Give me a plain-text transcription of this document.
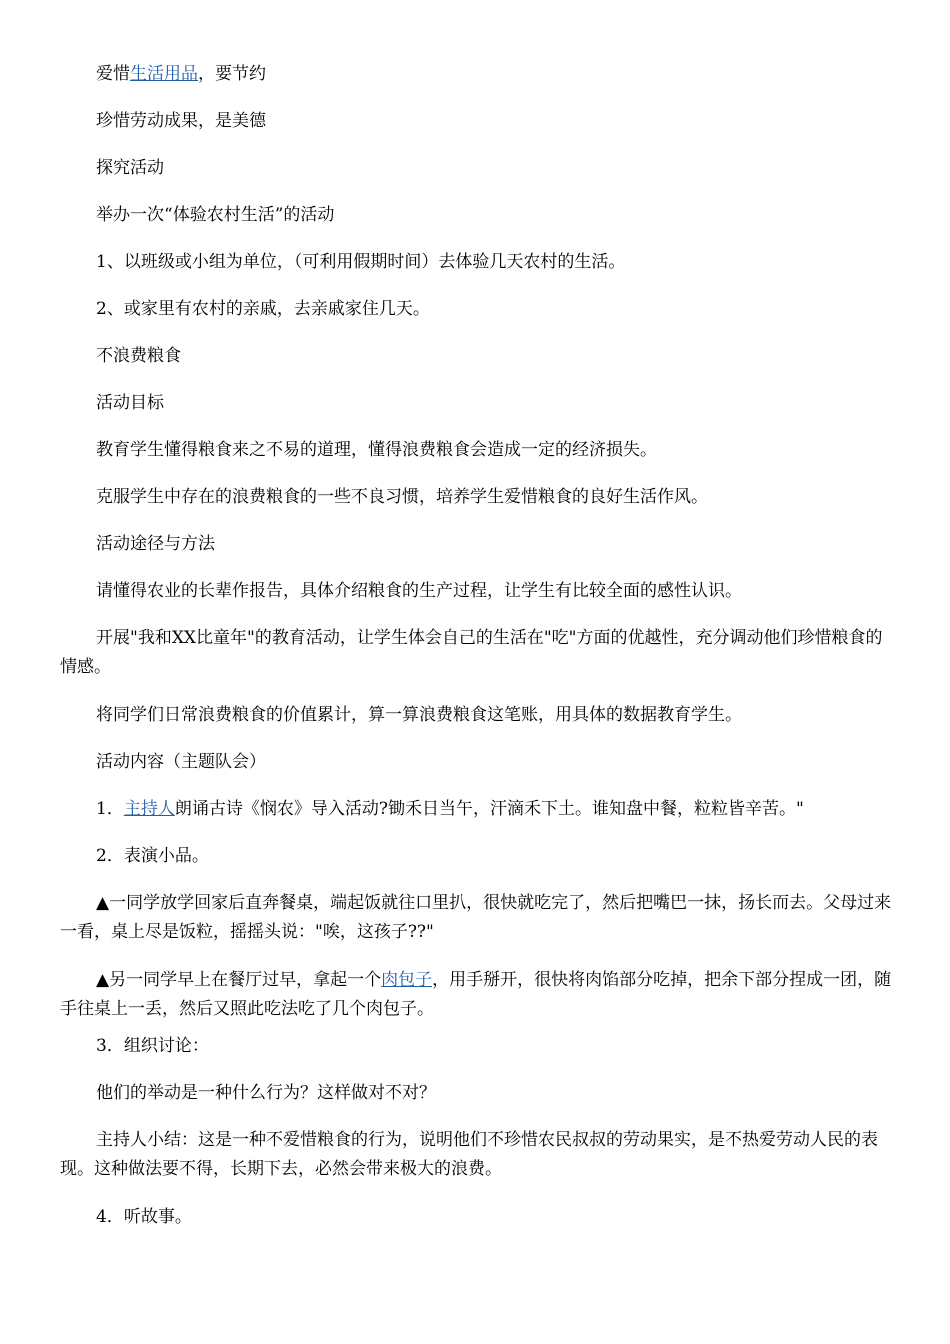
爱惜生活用品，要节约

珍惜劳动成果，是美德

探究活动

举办一次“体验农村生活”的活动

1、以班级或小组为单位，（可利用假期时间）去体验几天农村的生活。

2、或家里有农村的亲戚，去亲戚家住几天。

不浪费粮食

活动目标

教育学生懂得粮食来之不易的道理，懂得浪费粮食会造成一定的经济损失。

克服学生中存在的浪费粮食的一些不良习惯，培养学生爱惜粮食的良好生活作风。

活动途径与方法

请懂得农业的长辈作报告，具体介绍粮食的生产过程，让学生有比较全面的感性认识。

开展"我和XX比童年"的教育活动，让学生体会自己的生活在"吃"方面的优越性，充分调动他们珍惜粮食的情感。

将同学们日常浪费粮食的价值累计，算一算浪费粮食这笔账，用具体的数据教育学生。

活动内容（主题队会）

1．主持人朗诵古诗《悯农》导入活动?锄禾日当午，汗滴禾下土。谁知盘中餐，粒粒皆辛苦。"

2．表演小品。

▲一同学放学回家后直奔餐桌，端起饭就往口里扒，很快就吃完了，然后把嘴巴一抹，扬长而去。父母过来一看，桌上尽是饭粒，摇摇头说："唉，这孩子??"

▲另一同学早上在餐厅过早，拿起一个肉包子，用手掰开，很快将肉馅部分吃掉，把余下部分捏成一团，随手往桌上一丢，然后又照此吃法吃了几个肉包子。

3．组织讨论：

他们的举动是一种什么行为？这样做对不对？

主持人小结：这是一种不爱惜粮食的行为，说明他们不珍惜农民叔叔的劳动果实，是不热爱劳动人民的表现。这种做法要不得，长期下去，必然会带来极大的浪费。

4．听故事。
